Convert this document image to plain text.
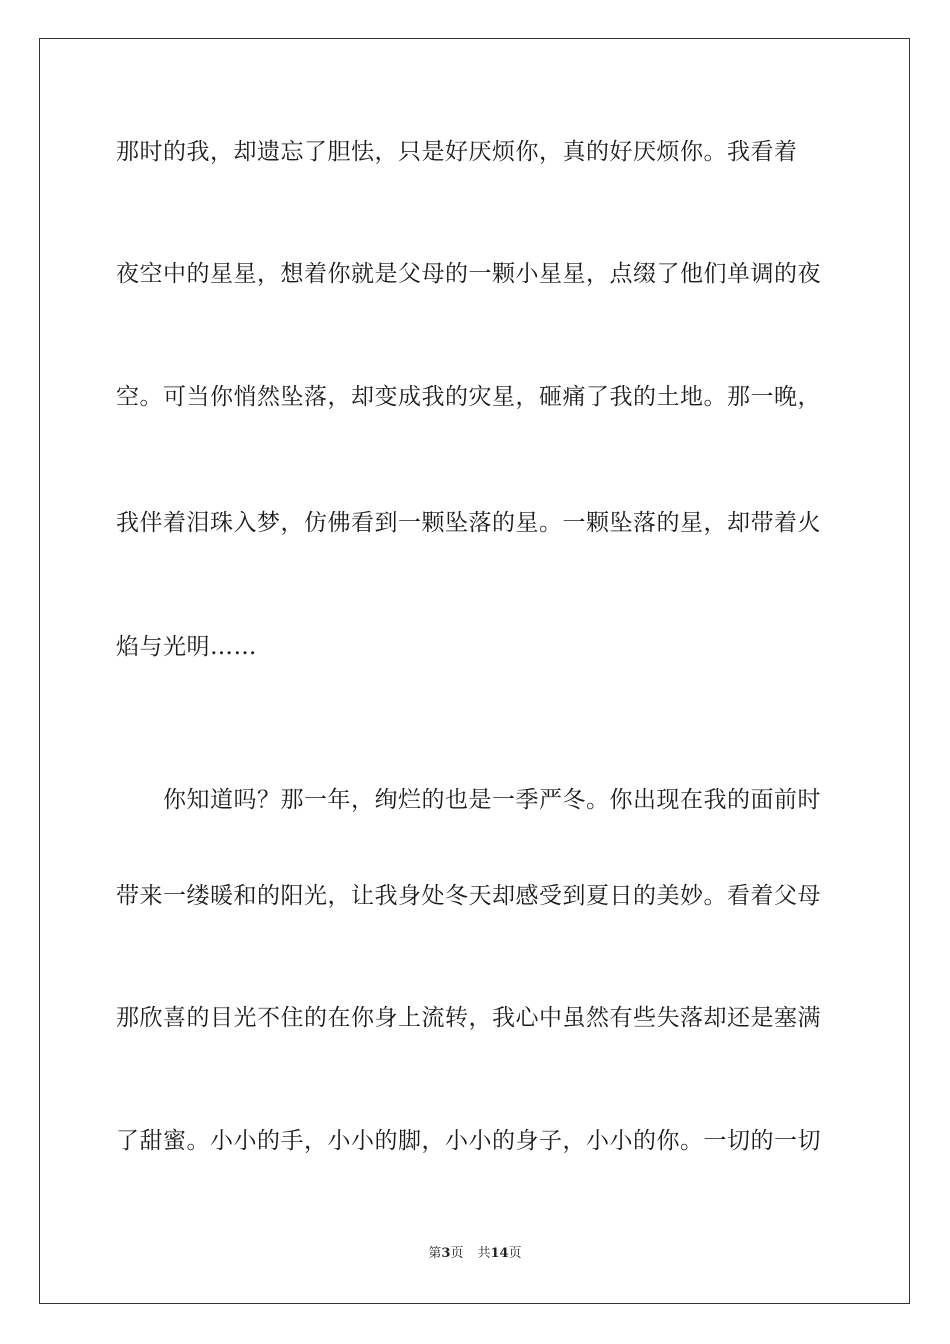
那时的我，却遗忘了胆怯，只是好厌烦你，真的好厌烦你。我看着
夜空中的星星，想着你就是父母的一颗小星星，点缀了他们单调的夜
空。可当你悄然坠落，却变成我的灾星，砸痛了我的土地。那一晚，
我伴着泪珠入梦，仿佛看到一颗坠落的星。一颗坠落的星，却带着火
焰与光明……
你知道吗？那一年，绚烂的也是一季严冬。你出现在我的面前时
带来一缕暖和的阳光，让我身处冬天却感受到夏日的美妙。看着父母
那欣喜的目光不住的在你身上流转，我心中虽然有些失落却还是塞满
了甜蜜。小小的手，小小的脚，小小的身子，小小的你。一切的一切
第3页 共14页
